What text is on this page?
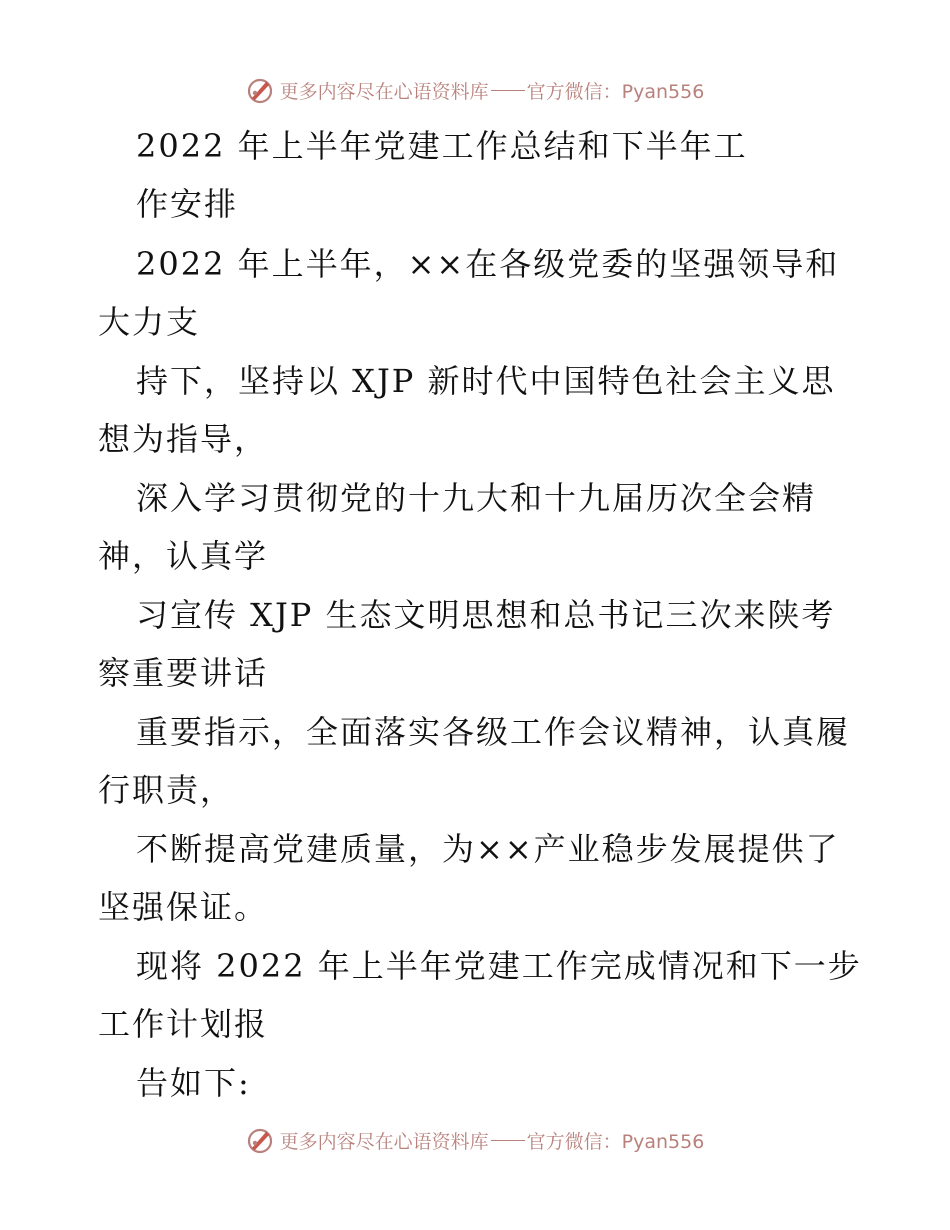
更多内容尽在心语资料库 官方微信：Pyan556
2022 年上半年党建工作总结和下半年工
作安排
2022 年上半年，××在各级党委的坚强领导和
大力支
持下，坚持以 XJP 新时代中国特色社会主义思
想为指导，
深入学习贯彻党的十九大和十九届历次全会精
神，认真学
习宣传 XJP 生态文明思想和总书记三次来陕考
察重要讲话
重要指示，全面落实各级工作会议精神，认真履
行职责，
不断提高党建质量，为××产业稳步发展提供了
坚强保证。
现将 2022 年上半年党建工作完成情况和下一步
工作计划报
告如下:
更多内容尽在心语资料库 官方微信：Pyan556
